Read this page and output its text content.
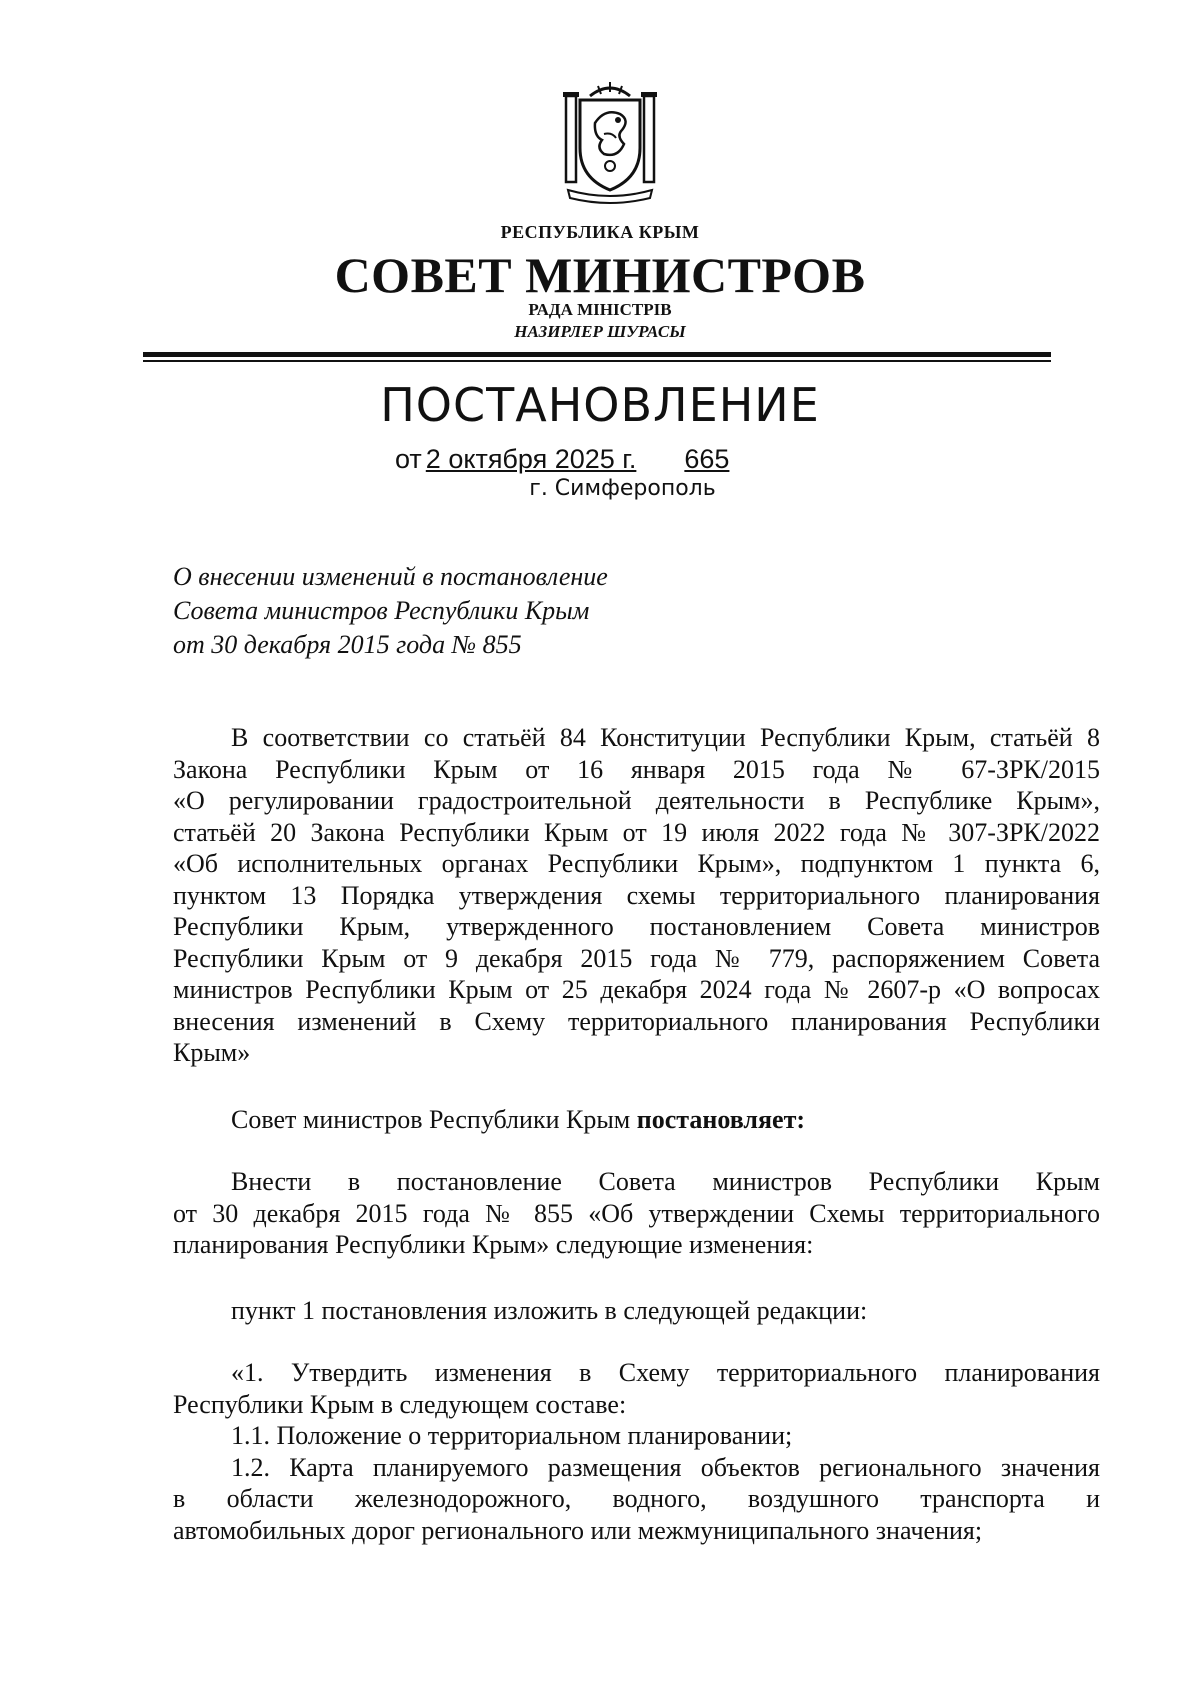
РЕСПУБЛИКА КРЫМ
СОВЕТ МИНИСТРОВ
РАДА МІНІСТРІВ
НАЗИРЛЕР ШУРАСЫ
ПОСТАНОВЛЕНИЕ
от 2 октября 2025 г. 665
г. Симферополь
О внесении изменений в постановление
Совета министров Республики Крым
от 30 декабря 2015 года № 855
В соответствии со статьёй 84 Конституции Республики Крым, статьёй 8
Закона Республики Крым от 16 января 2015 года № 67-ЗРК/2015
«О регулировании градостроительной деятельности в Республике Крым»,
статьёй 20 Закона Республики Крым от 19 июля 2022 года № 307-ЗРК/2022
«Об исполнительных органах Республики Крым», подпунктом 1 пункта 6,
пунктом 13 Порядка утверждения схемы территориального планирования
Республики Крым, утвержденного постановлением Совета министров
Республики Крым от 9 декабря 2015 года № 779, распоряжением Совета
министров Республики Крым от 25 декабря 2024 года № 2607-р «О вопросах
внесения изменений в Схему территориального планирования Республики
Крым»
Совет министров Республики Крым постановляет:
Внести в постановление Совета министров Республики Крым
от 30 декабря 2015 года № 855 «Об утверждении Схемы территориального
планирования Республики Крым» следующие изменения:
пункт 1 постановления изложить в следующей редакции:
«1. Утвердить изменения в Схему территориального планирования
Республики Крым в следующем составе:
1.1. Положение о территориальном планировании;
1.2. Карта планируемого размещения объектов регионального значения
в области железнодорожного, водного, воздушного транспорта и
автомобильных дорог регионального или межмуниципального значения;
